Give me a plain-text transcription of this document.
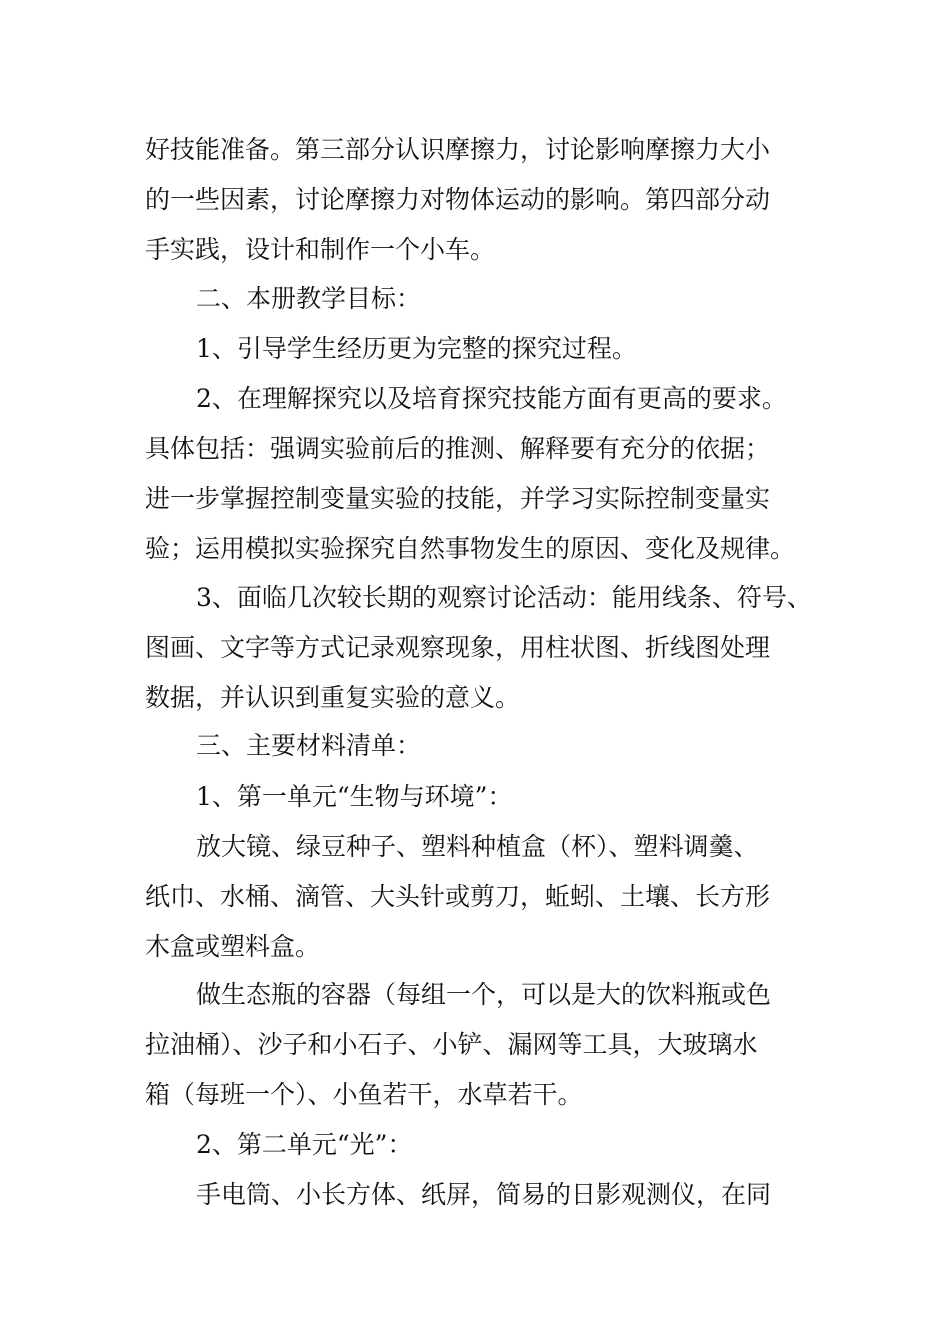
好技能准备。第三部分认识摩擦力，讨论影响摩擦力大小
的一些因素，讨论摩擦力对物体运动的影响。第四部分动
手实践，设计和制作一个小车。
二、本册教学目标：
1、引导学生经历更为完整的探究过程。
2、在理解探究以及培育探究技能方面有更高的要求。
具体包括：强调实验前后的推测、解释要有充分的依据；
进一步掌握控制变量实验的技能，并学习实际控制变量实
验；运用模拟实验探究自然事物发生的原因、变化及规律。
3、面临几次较长期的观察讨论活动：能用线条、符号、
图画、文字等方式记录观察现象，用柱状图、折线图处理
数据，并认识到重复实验的意义。
三、主要材料清单：
1、第一单元“生物与环境”：
放大镜、绿豆种子、塑料种植盒（杯）、塑料调羹、
纸巾、水桶、滴管、大头针或剪刀，蚯蚓、土壤、长方形
木盒或塑料盒。
做生态瓶的容器（每组一个，可以是大的饮料瓶或色
拉油桶）、沙子和小石子、小铲、漏网等工具，大玻璃水
箱（每班一个）、小鱼若干，水草若干。
2、第二单元“光”：
手电筒、小长方体、纸屏，简易的日影观测仪，在同
